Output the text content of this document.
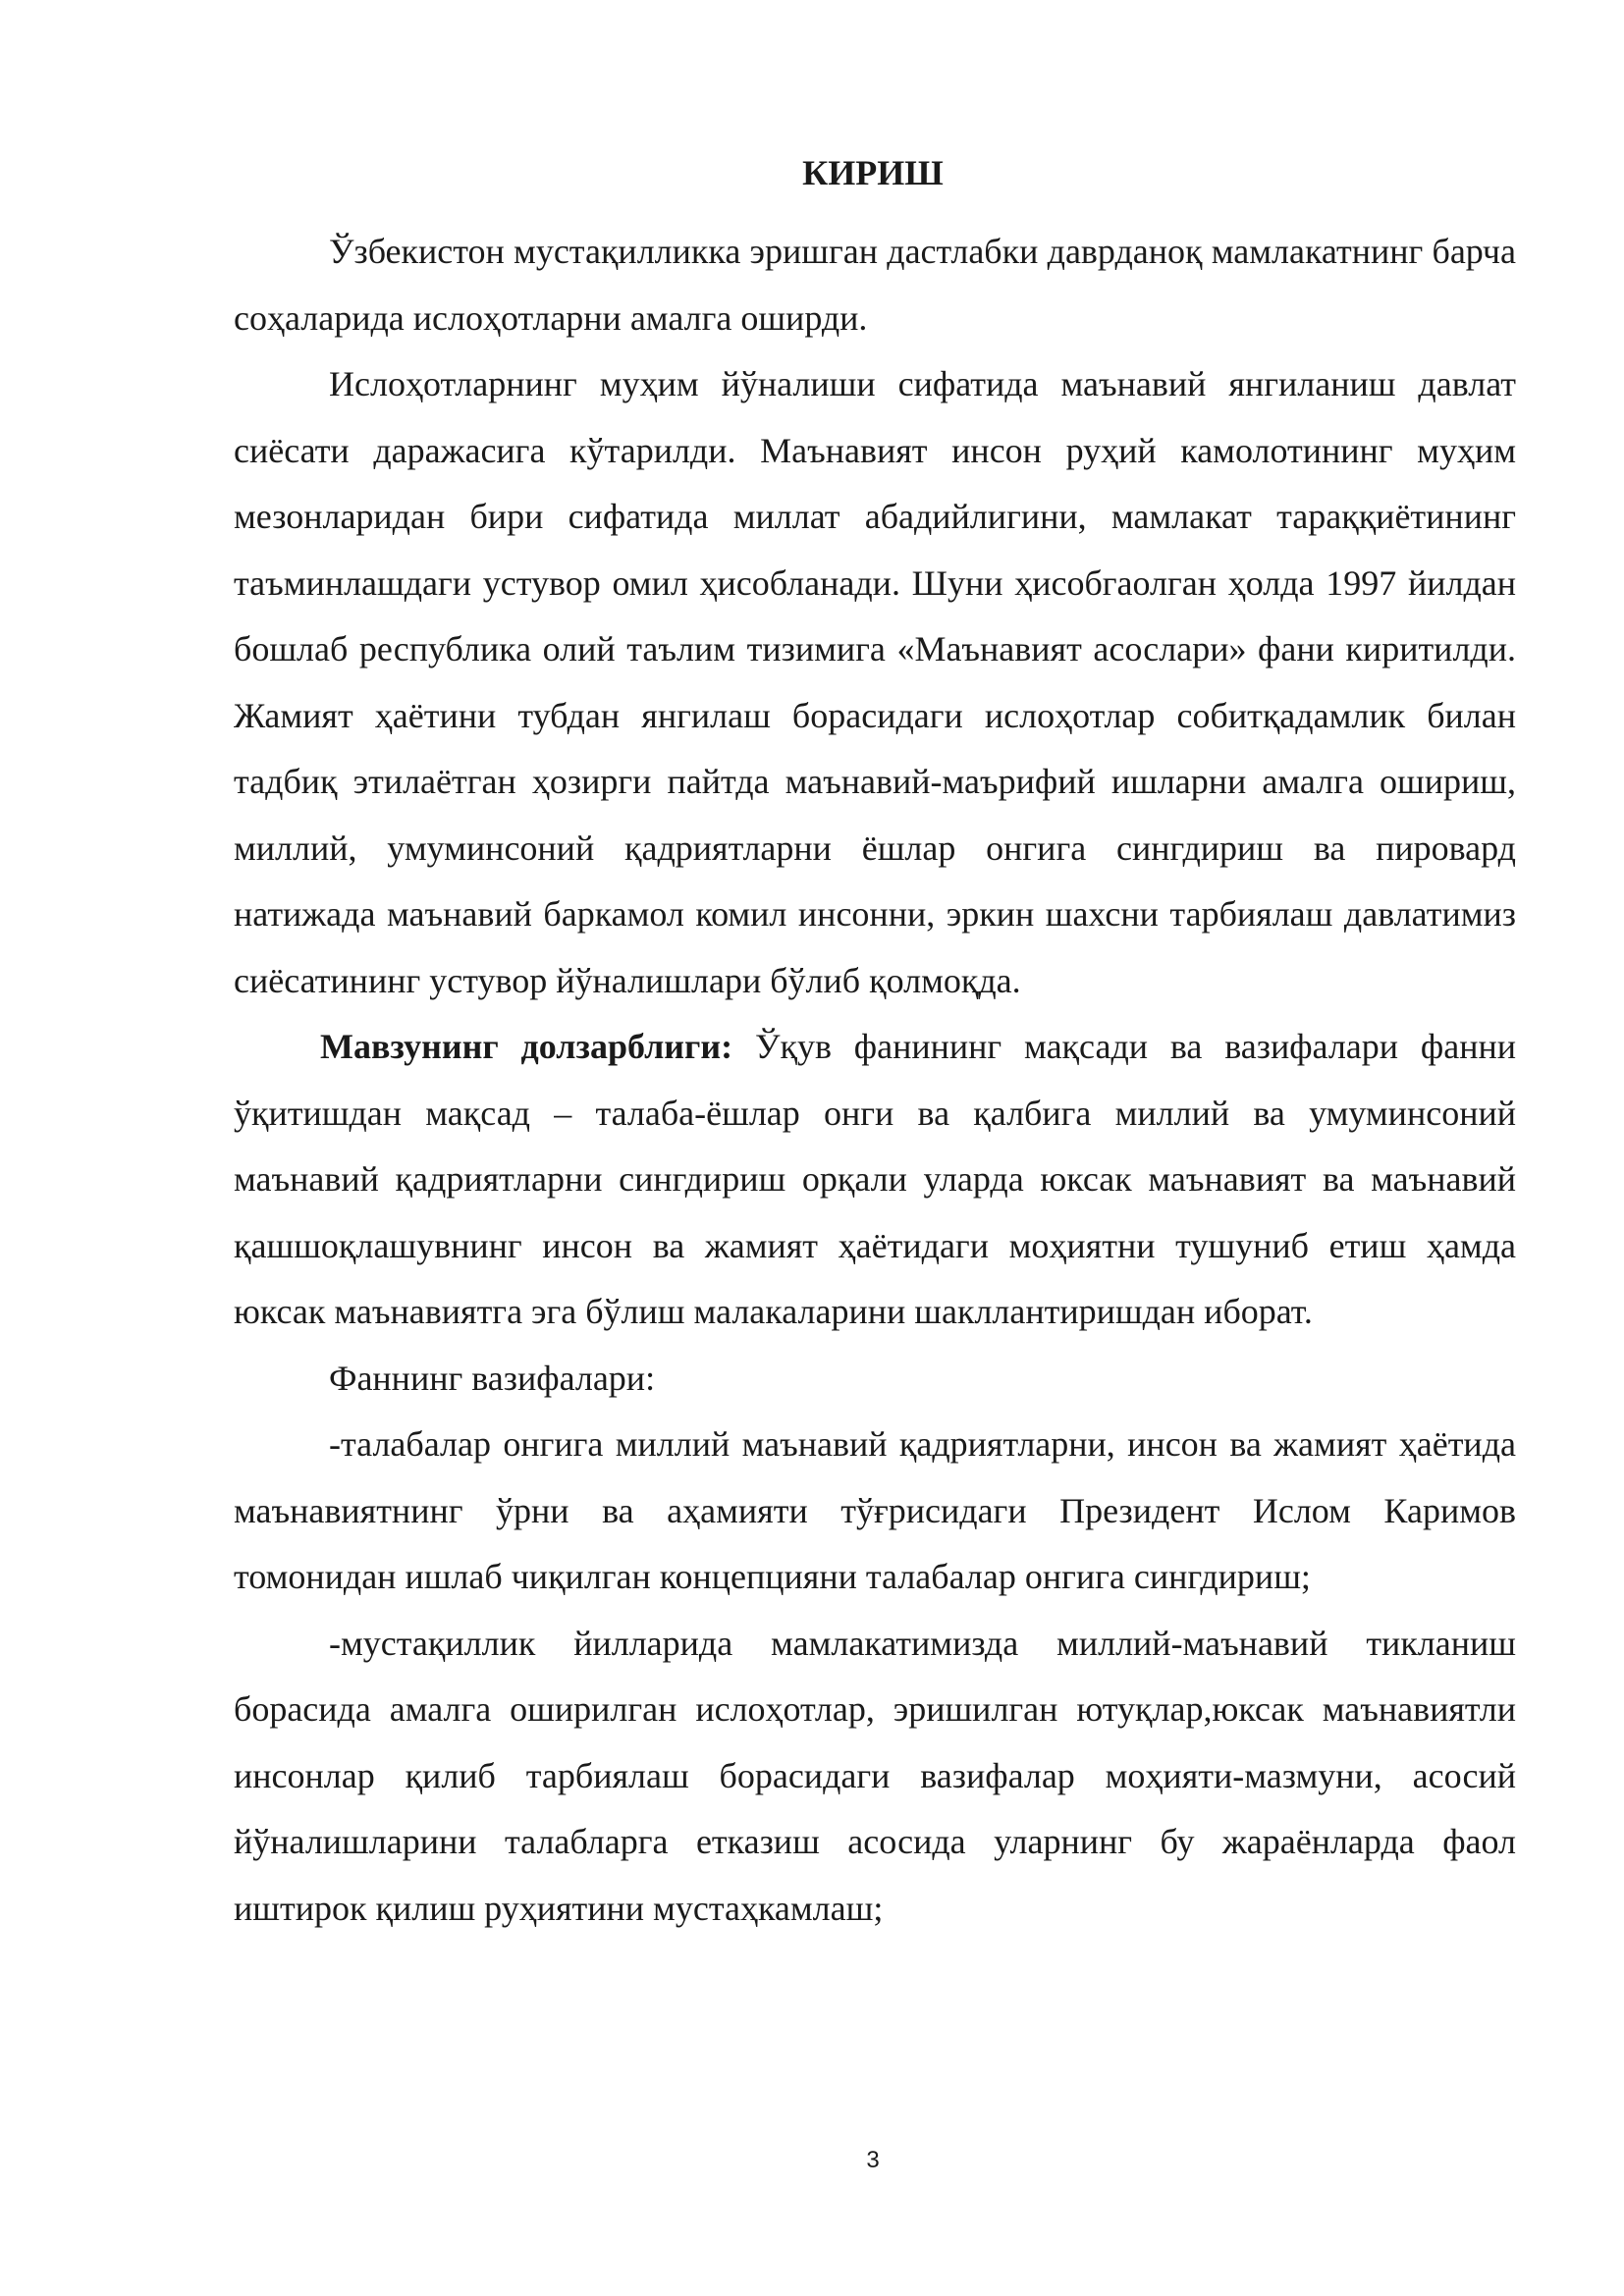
КИРИШ

Ўзбекистон мустақилликка эришган дастлабки даврданоқ мамлакатнинг барча соҳаларида ислоҳотларни амалга оширди.

Ислоҳотларнинг муҳим йўналиши сифатида маънавий янгиланиш давлат сиёсати даражасига кўтарилди. Маънавият инсон руҳий камолотининг муҳим мезонларидан бири сифатида миллат абадийлигини, мамлакат тараққиётининг таъминлашдаги устувор омил ҳисобланади. Шуни ҳисобгаолган ҳолда 1997 йилдан бошлаб республика олий таълим тизимига «Маънавият асослари» фани киритилди. Жамият ҳаётини тубдан янгилаш борасидаги ислоҳотлар собитқадамлик билан тадбиқ этилаётган ҳозирги пайтда маънавий-маърифий ишларни амалга ошириш, миллий, умуминсоний қадриятларни ёшлар онгига сингдириш ва пировард натижада маънавий баркамол комил инсонни, эркин шахсни тарбиялаш давлатимиз сиёсатининг устувор йўналишлари бўлиб қолмоқда.

Мавзунинг долзарблиги: Ўқув фанининг мақсади ва вазифалари фанни ўқитишдан мақсад – талаба-ёшлар онги ва қалбига миллий ва умуминсоний маънавий қадриятларни сингдириш орқали уларда юксак маънавият ва маънавий қашшоқлашувнинг инсон ва жамият ҳаётидаги моҳиятни тушуниб етиш ҳамда юксак маънавиятга эга бўлиш малакаларини шакллантиришдан иборат.

Фаннинг вазифалари:

-талабалар онгига миллий маънавий қадриятларни, инсон ва жамият ҳаётида маънавиятнинг ўрни ва аҳамияти тўғрисидаги Президент Ислом Каримов томонидан ишлаб чиқилган концепцияни талабалар онгига сингдириш;

-мустақиллик йилларида мамлакатимизда миллий-маънавий тикланиш борасида амалга оширилган ислоҳотлар, эришилган ютуқлар,юксак маънавиятли инсонлар қилиб тарбиялаш борасидаги вазифалар моҳияти-мазмуни, асосий йўналишларини талабларга етказиш асосида уларнинг бу жараёнларда фаол иштирок қилиш руҳиятини мустаҳкамлаш;

3
